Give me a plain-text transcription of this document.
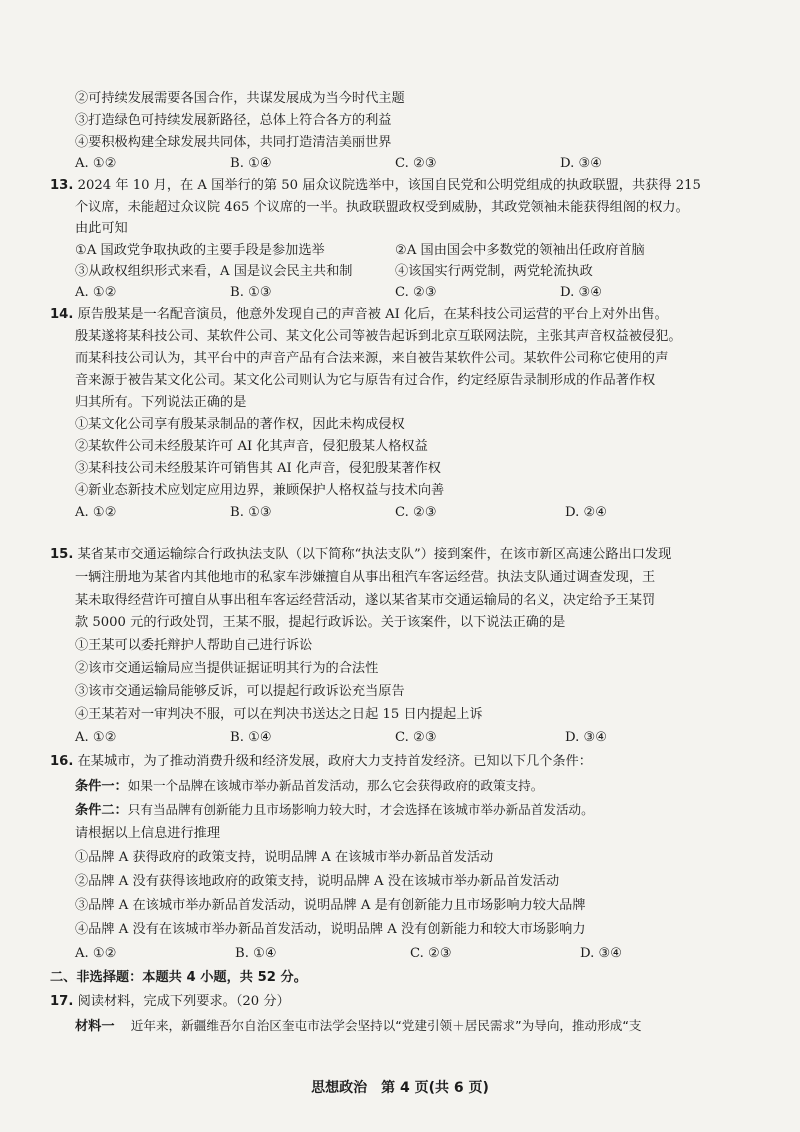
②可持续发展需要各国合作，共谋发展成为当今时代主题
③打造绿色可持续发展新路径，总体上符合各方的利益
④要积极构建全球发展共同体，共同打造清洁美丽世界
A. ①②	B. ①④	C. ②③	D. ③④
13. 2024 年 10 月，在 A 国举行的第 50 届众议院选举中，该国自民党和公明党组成的执政联盟，共获得 215
个议席，未能超过众议院 465 个议席的一半。执政联盟政权受到威胁，其政党领袖未能获得组阁的权力。
由此可知
①A 国政党争取执政的主要手段是参加选举	②A 国由国会中多数党的领袖出任政府首脑
③从政权组织形式来看，A 国是议会民主共和制	④该国实行两党制，两党轮流执政
A. ①②	B. ①③	C. ②③	D. ③④
14. 原告殷某是一名配音演员，他意外发现自己的声音被 AI 化后，在某科技公司运营的平台上对外出售。
殷某遂将某科技公司、某软件公司、某文化公司等被告起诉到北京互联网法院，主张其声音权益被侵犯。
而某科技公司认为，其平台中的声音产品有合法来源，来自被告某软件公司。某软件公司称它使用的声
音来源于被告某文化公司。某文化公司则认为它与原告有过合作，约定经原告录制形成的作品著作权
归其所有。下列说法正确的是
①某文化公司享有殷某录制品的著作权，因此未构成侵权
②某软件公司未经殷某许可 AI 化其声音，侵犯殷某人格权益
③某科技公司未经殷某许可销售其 AI 化声音，侵犯殷某著作权
④新业态新技术应划定应用边界，兼顾保护人格权益与技术向善
A. ①②	B. ①③	C. ②③	D. ②④
15. 某省某市交通运输综合行政执法支队（以下简称“执法支队”）接到案件，在该市新区高速公路出口发现
一辆注册地为某省内其他地市的私家车涉嫌擅自从事出租汽车客运经营。执法支队通过调查发现，王
某未取得经营许可擅自从事出租车客运经营活动，遂以某省某市交通运输局的名义，决定给予王某罚
款 5000 元的行政处罚，王某不服，提起行政诉讼。关于该案件，以下说法正确的是
①王某可以委托辩护人帮助自己进行诉讼
②该市交通运输局应当提供证据证明其行为的合法性
③该市交通运输局能够反诉，可以提起行政诉讼充当原告
④王某若对一审判决不服，可以在判决书送达之日起 15 日内提起上诉
A. ①②	B. ①④	C. ②③	D. ③④
16. 在某城市，为了推动消费升级和经济发展，政府大力支持首发经济。已知以下几个条件：
条件一：如果一个品牌在该城市举办新品首发活动，那么它会获得政府的政策支持。
条件二：只有当品牌有创新能力且市场影响力较大时，才会选择在该城市举办新品首发活动。
请根据以上信息进行推理
①品牌 A 获得政府的政策支持，说明品牌 A 在该城市举办新品首发活动
②品牌 A 没有获得该地政府的政策支持，说明品牌 A 没在该城市举办新品首发活动
③品牌 A 在该城市举办新品首发活动，说明品牌 A 是有创新能力且市场影响力较大品牌
④品牌 A 没有在该城市举办新品首发活动，说明品牌 A 没有创新能力和较大市场影响力
A. ①②	B. ①④	C. ②③	D. ③④
二、非选择题：本题共 4 小题，共 52 分。
17. 阅读材料，完成下列要求。（20 分）
材料一 近年来，新疆维吾尔自治区奎屯市法学会坚持以“党建引领＋居民需求”为导向，推动形成“支
思想政治　第 4 页(共 6 页)
